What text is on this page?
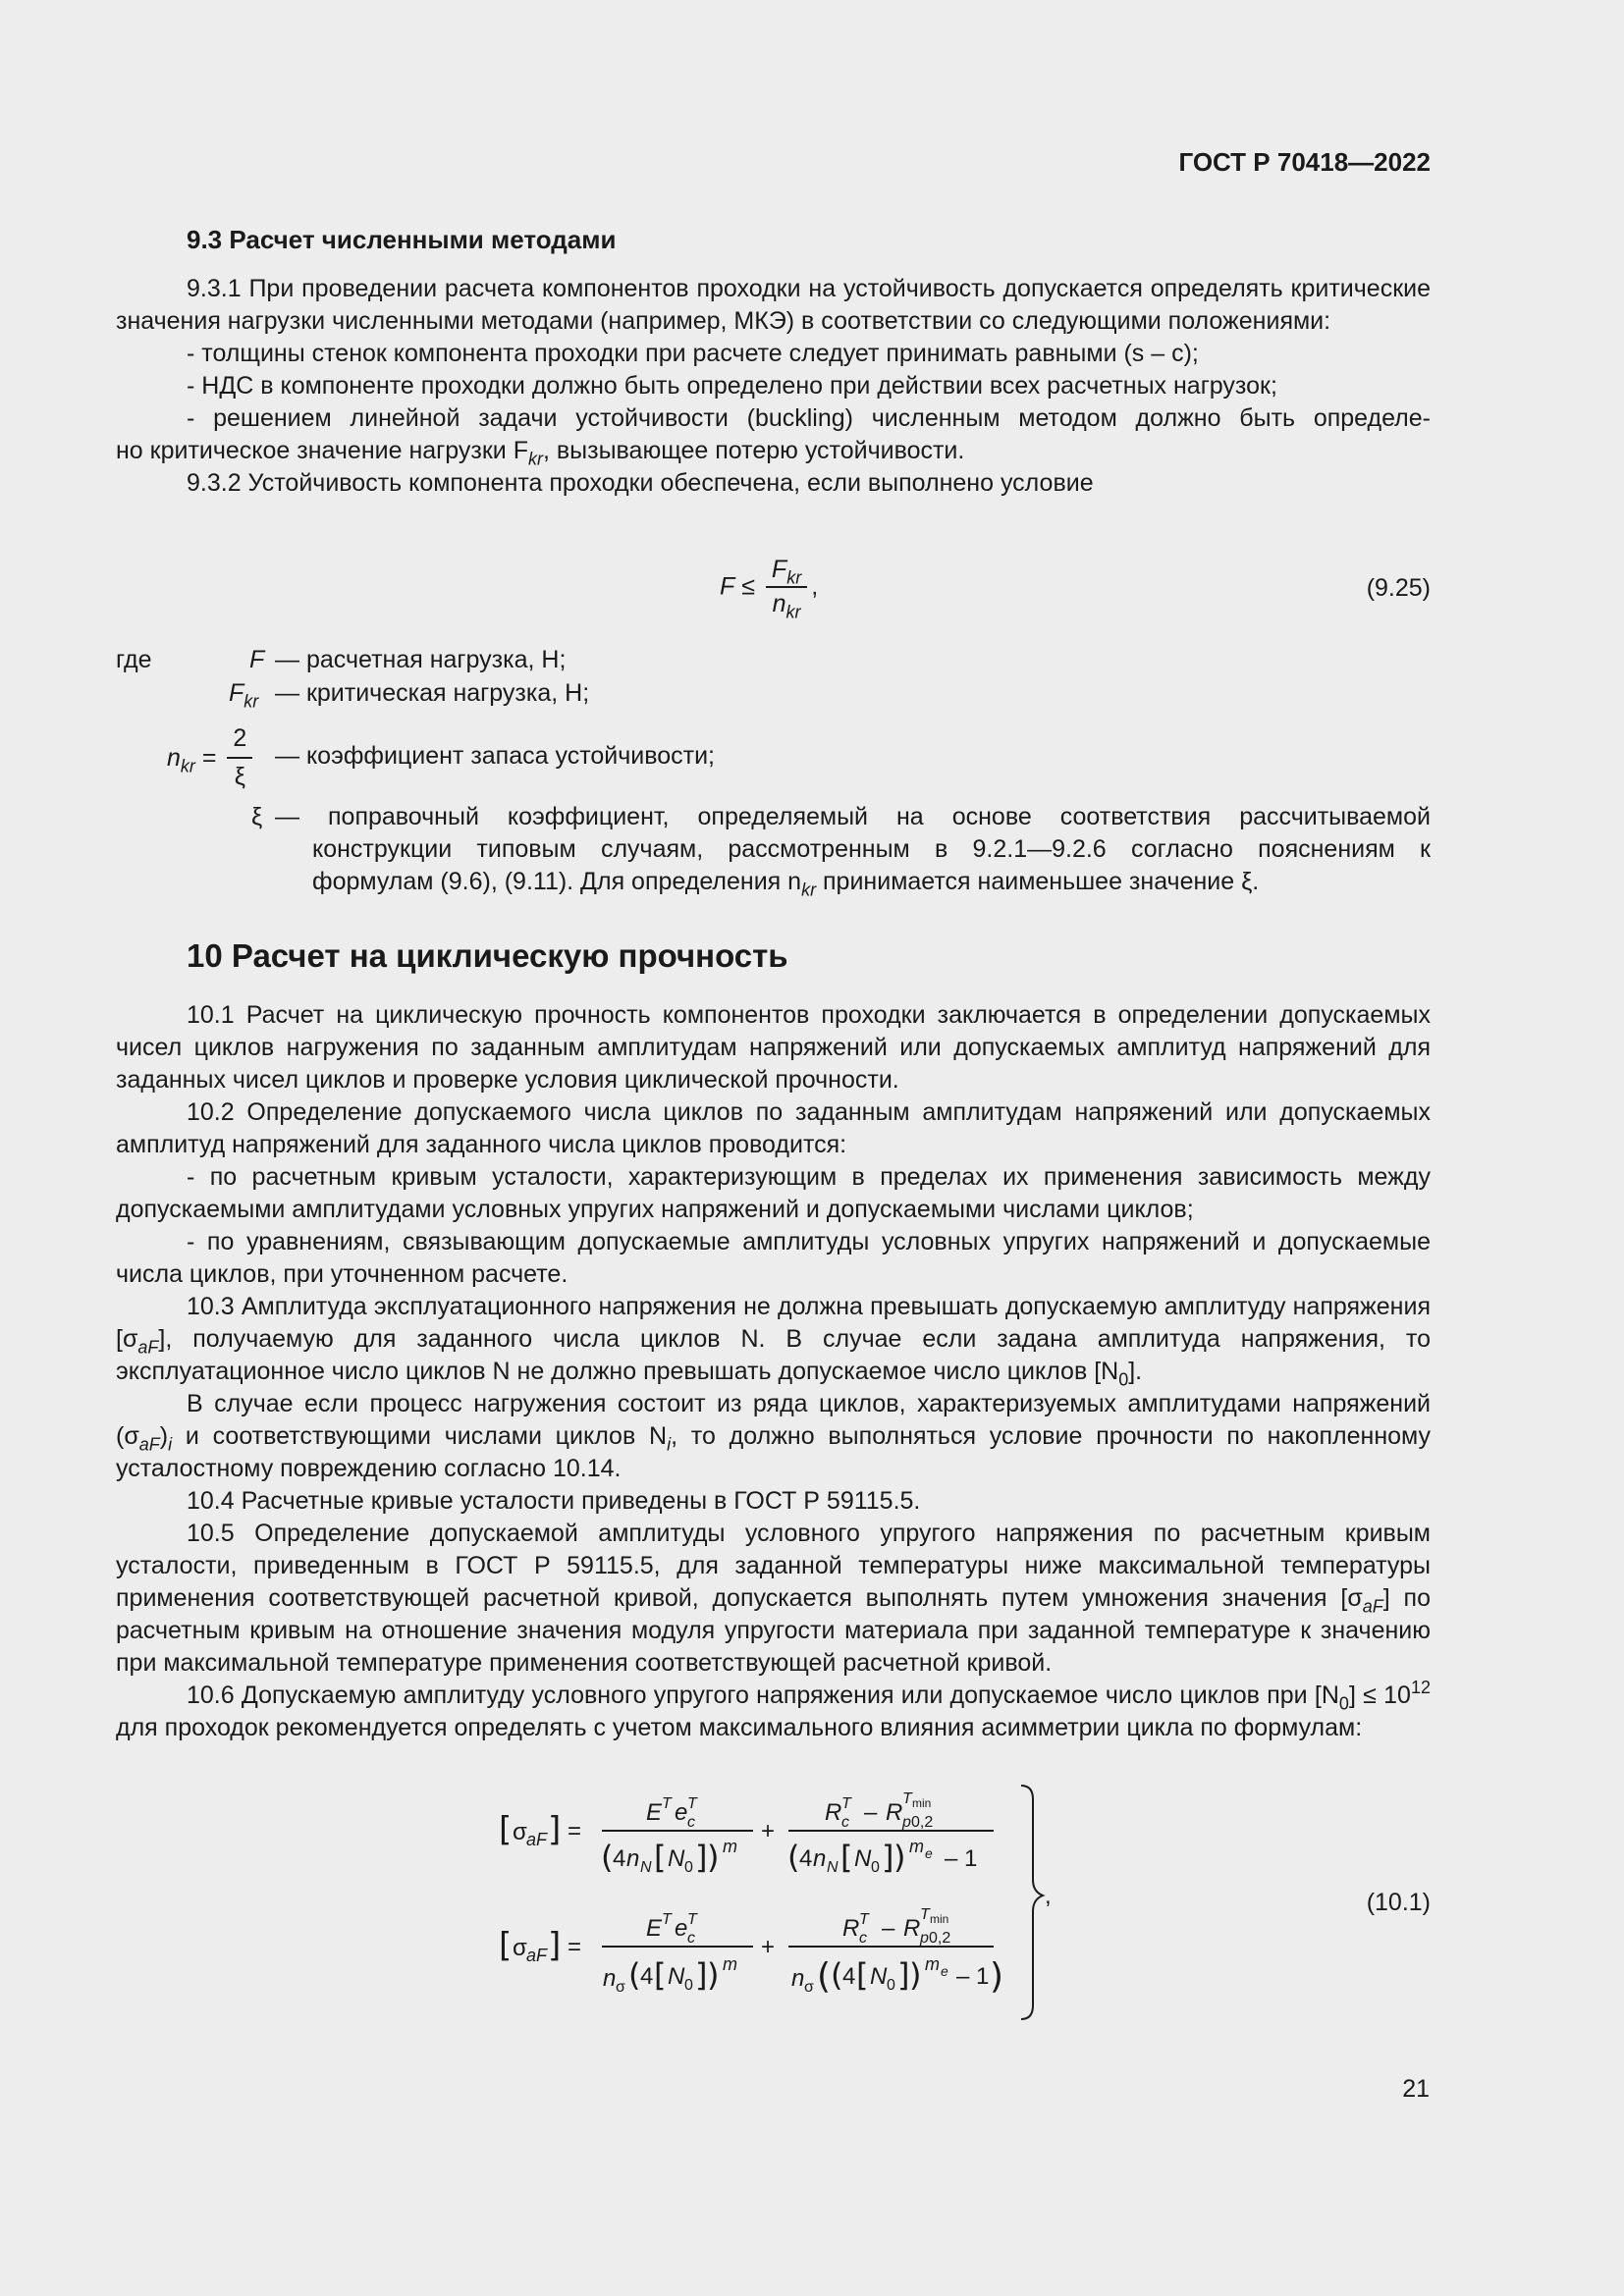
ГОСТ Р 70418—2022
9.3 Расчет численными методами
9.3.1 При проведении расчета компонентов проходки на устойчивость допускается определять критические значения нагрузки численными методами (например, МКЭ) в соответствии со следующими положениями:
- толщины стенок компонента проходки при расчете следует принимать равными (s – c);
- НДС в компоненте проходки должно быть определено при действии всех расчетных нагрузок;
- решением линейной задачи устойчивости (buckling) численным методом должно быть определе-
но критическое значение нагрузки $F_{kr}$, вызывающее потерю устойчивости.
9.3.2 Устойчивость компонента проходки обеспечена, если выполнено условие
$F \le \frac{F_{kr}}{n_{kr}}$ ,	(9.25)
где	F — расчетная нагрузка, Н;
$F_{kr}$ — критическая нагрузка, Н;
$n_{kr} = \frac{2}{\xi}$ — коэффициент запаса устойчивости;
ξ — поправочный коэффициент, определяемый на основе соответствия рассчитываемой
конструкции типовым случаям, рассмотренным в 9.2.1—9.2.6 согласно пояснениям к
формулам (9.6), (9.11). Для определения $n_{kr}$ принимается наименьшее значение ξ.
10 Расчет на циклическую прочность
10.1 Расчет на циклическую прочность компонентов проходки заключается в определении допускаемых чисел циклов нагружения по заданным амплитудам напряжений или допускаемых амплитуд напряжений для заданных чисел циклов и проверке условия циклической прочности.
10.2 Определение допускаемого числа циклов по заданным амплитудам напряжений или допускаемых амплитуд напряжений для заданного числа циклов проводится:
- по расчетным кривым усталости, характеризующим в пределах их применения зависимость между допускаемыми амплитудами условных упругих напряжений и допускаемыми числами циклов;
- по уравнениям, связывающим допускаемые амплитуды условных упругих напряжений и допускаемые числа циклов, при уточненном расчете.
10.3 Амплитуда эксплуатационного напряжения не должна превышать допускаемую амплитуду напряжения $[\sigma_{aF}]$, получаемую для заданного числа циклов N. В случае если задана амплитуда напряжения, то эксплуатационное число циклов N не должно превышать допускаемое число циклов $[N_0]$.
В случае если процесс нагружения состоит из ряда циклов, характеризуемых амплитудами напряжений $(\sigma_{aF})_i$ и соответствующими числами циклов $N_i$, то должно выполняться условие прочности по накопленному усталостному повреждению согласно 10.14.
10.4 Расчетные кривые усталости приведены в ГОСТ Р 59115.5.
10.5 Определение допускаемой амплитуды условного упругого напряжения по расчетным кривым усталости, приведенным в ГОСТ Р 59115.5, для заданной температуры ниже максимальной температуры применения соответствующей расчетной кривой, допускается выполнять путем умножения значения $[\sigma_{aF}]$ по расчетным кривым на отношение значения модуля упругости материала при заданной температуре к значению при максимальной температуре применения соответствующей расчетной кривой.
10.6 Допускаемую амплитуду условного упругого напряжения или допускаемое число циклов при $[N_0] \le 10^{12}$ для проходок рекомендуется определять с учетом максимального влияния асимметрии цикла по формулам:
[ σ aF ] =
E T e c
T
( 4 n N [ N 0 ] ) m
+
R c
T – R p 0,2
T min
( 4 n N [ N 0 ] ) m e – 1
[ σ aF ] =
E T e c
T
n σ ( 4 [ N 0 ] ) m
+
R c
T – R p 0,2
T min
n σ ( ( 4 [ N 0 ] ) m e – 1 )
,	(10.1)
21
